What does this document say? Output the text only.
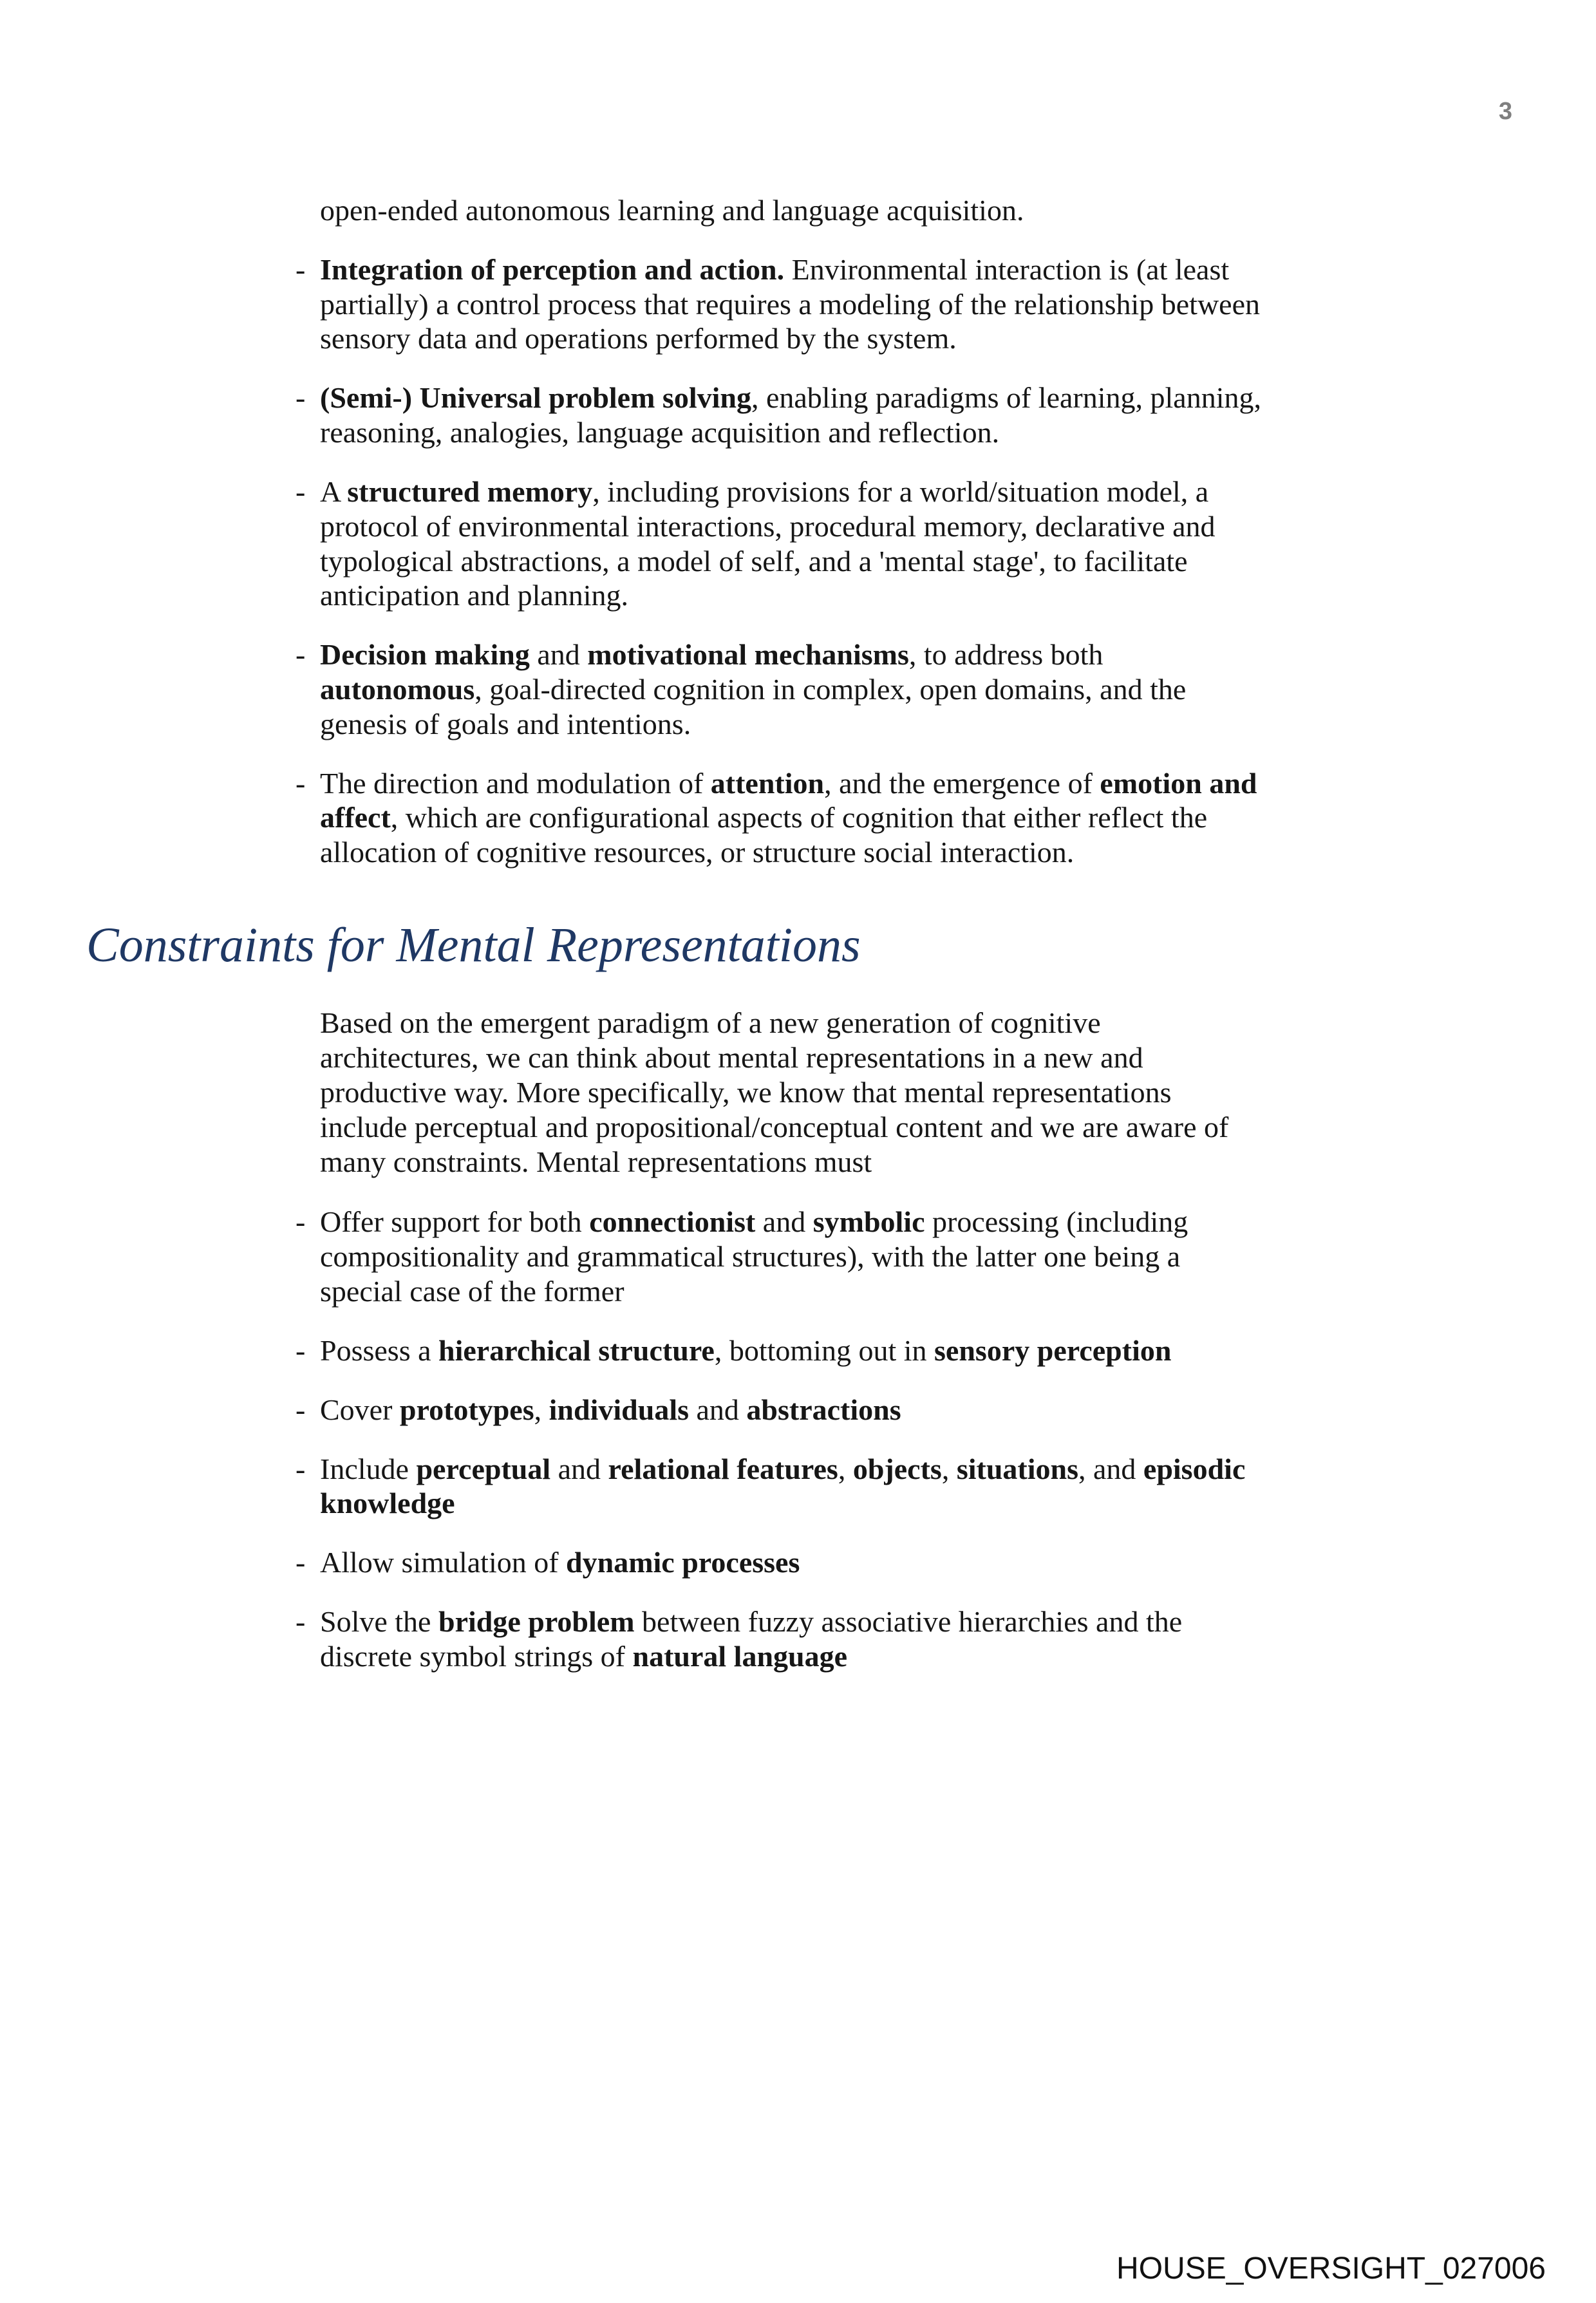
3
open-ended autonomous learning and language acquisition.
- Integration of perception and action. Environmental interaction is (at least partially) a control process that requires a modeling of the relationship between sensory data and operations performed by the system.
- (Semi-) Universal problem solving, enabling paradigms of learning, planning, reasoning, analogies, language acquisition and reflection.
- A structured memory, including provisions for a world/situation model, a protocol of environmental interactions, procedural memory, declarative and typological abstractions, a model of self, and a 'mental stage', to facilitate anticipation and planning.
- Decision making and motivational mechanisms, to address both autonomous, goal-directed cognition in complex, open domains, and the genesis of goals and intentions.
- The direction and modulation of attention, and the emergence of emotion and affect, which are configurational aspects of cognition that either reflect the allocation of cognitive resources, or structure social interaction.
Constraints for Mental Representations

Based on the emergent paradigm of a new generation of cognitive architectures, we can think about mental representations in a new and productive way. More specifically, we know that mental representations include perceptual and propositional/conceptual content and we are aware of many constraints. Mental representations must

- Offer support for both connectionist and symbolic processing (including compositionality and grammatical structures), with the latter one being a special case of the former
- Possess a hierarchical structure, bottoming out in sensory perception
- Cover prototypes, individuals and abstractions
- Include perceptual and relational features, objects, situations, and episodic knowledge
- Allow simulation of dynamic processes
- Solve the bridge problem between fuzzy associative hierarchies and the discrete symbol strings of natural language
HOUSE_OVERSIGHT_027006
